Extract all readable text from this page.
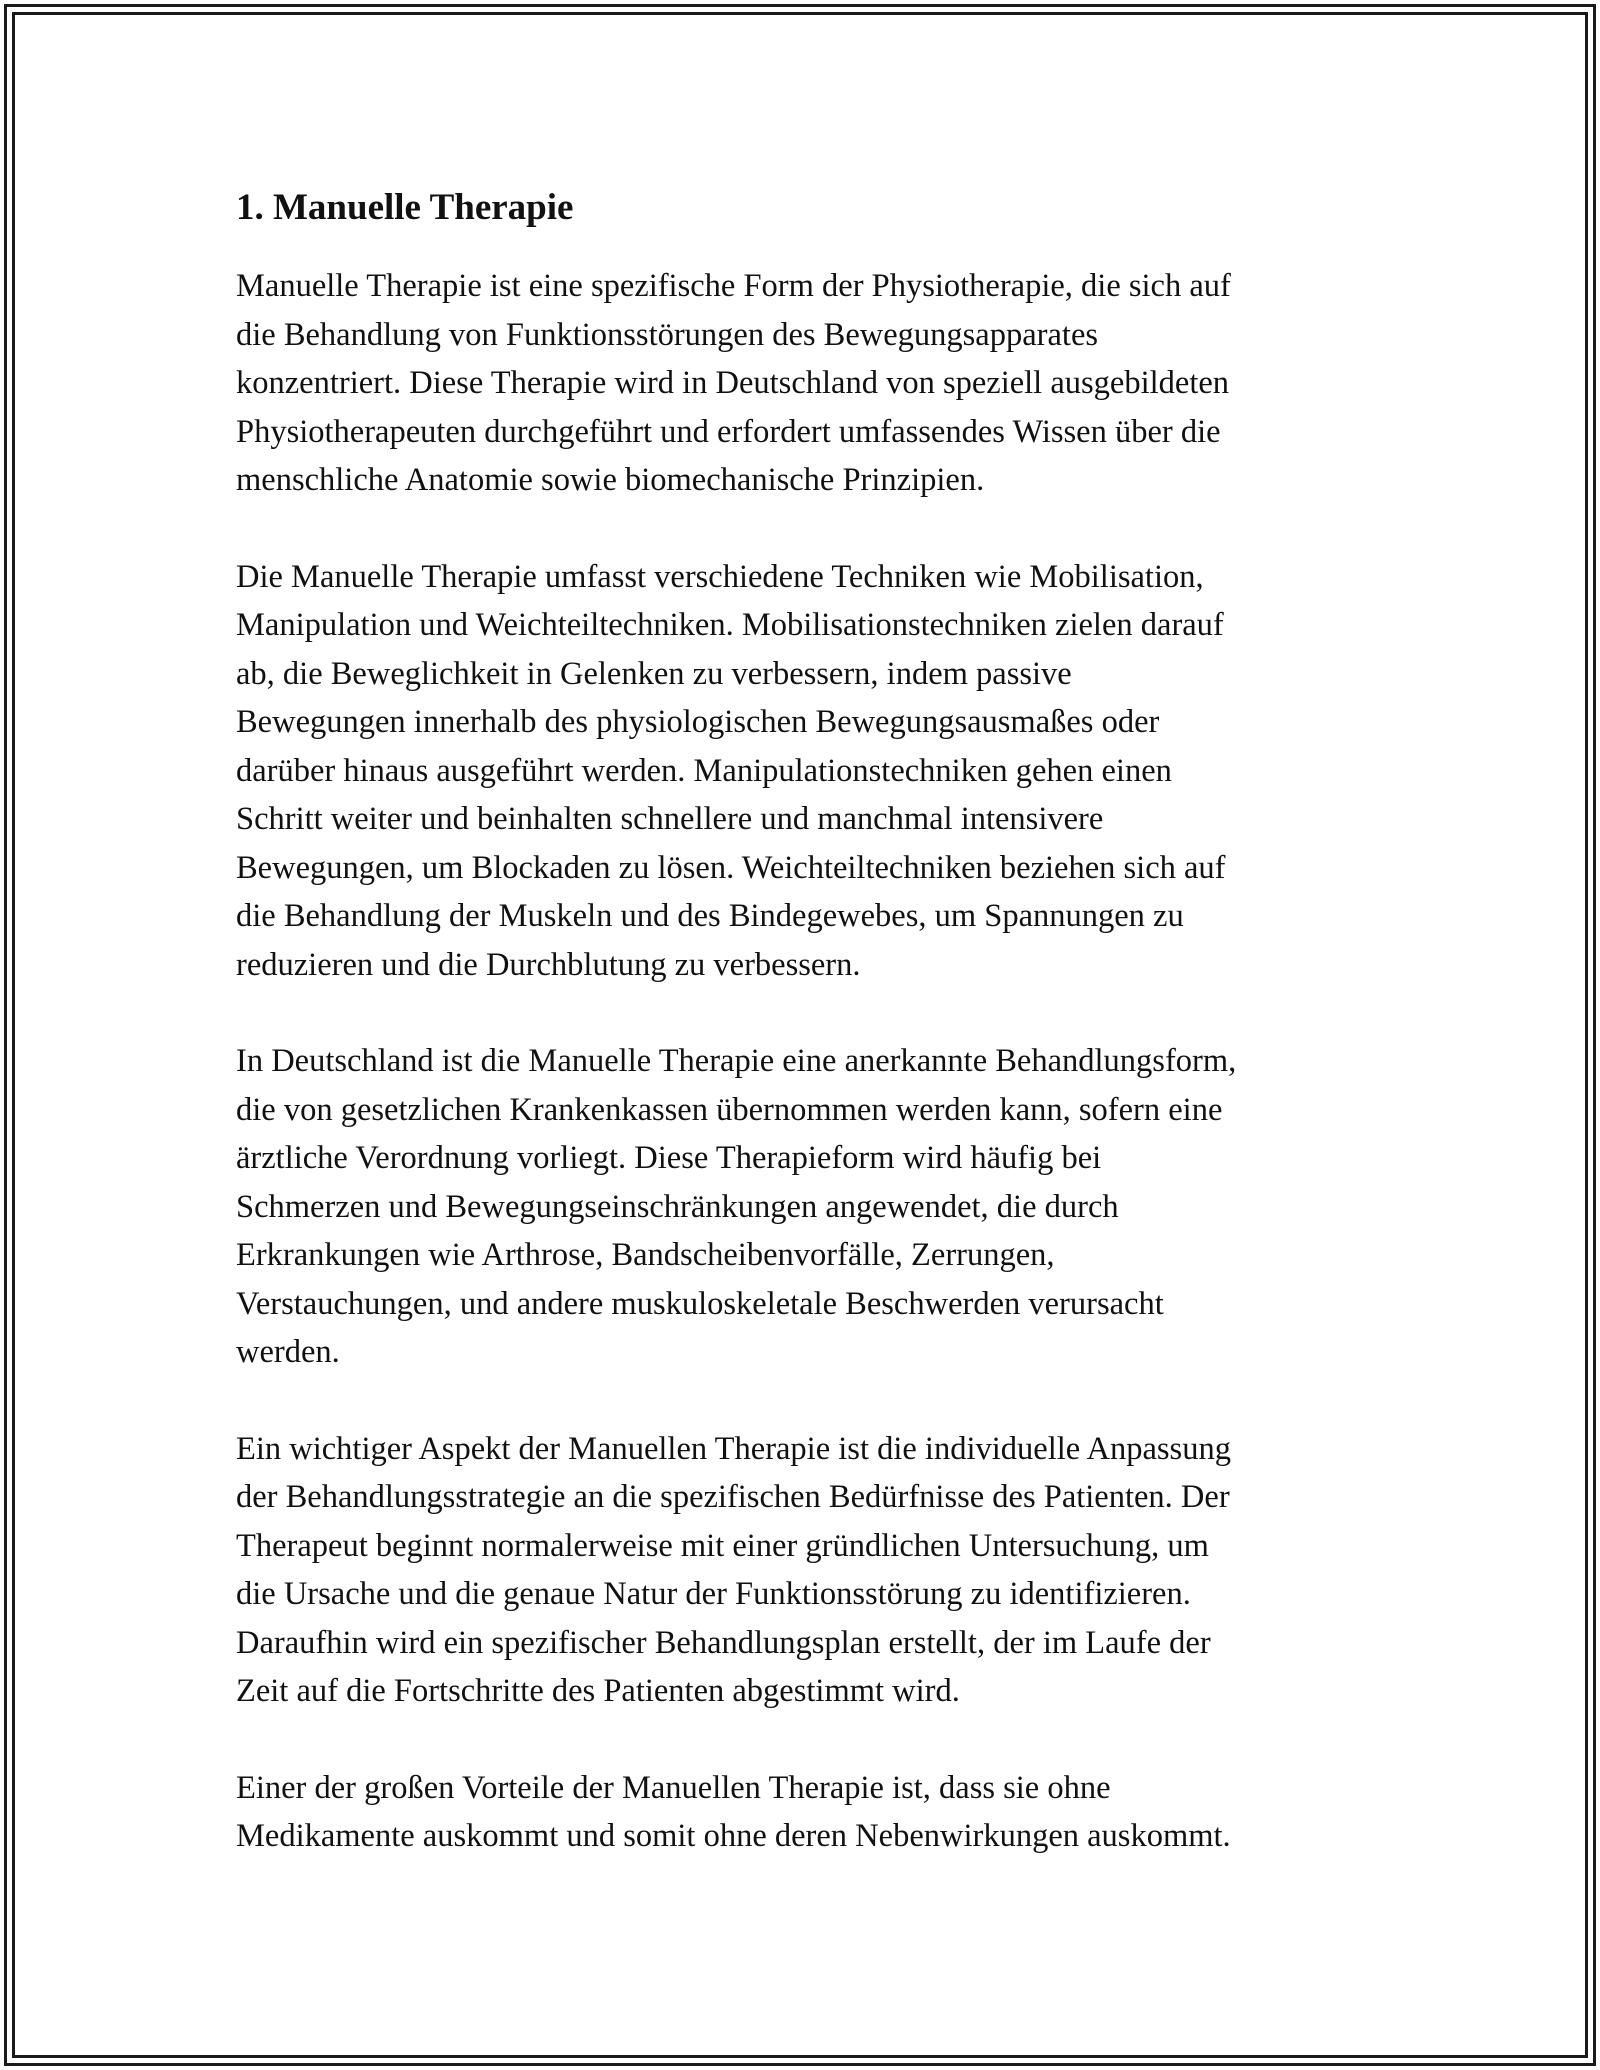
1. Manuelle Therapie

Manuelle Therapie ist eine spezifische Form der Physiotherapie, die sich auf
die Behandlung von Funktionsstörungen des Bewegungsapparates
konzentriert. Diese Therapie wird in Deutschland von speziell ausgebildeten
Physiotherapeuten durchgeführt und erfordert umfassendes Wissen über die
menschliche Anatomie sowie biomechanische Prinzipien.

Die Manuelle Therapie umfasst verschiedene Techniken wie Mobilisation,
Manipulation und Weichteiltechniken. Mobilisationstechniken zielen darauf
ab, die Beweglichkeit in Gelenken zu verbessern, indem passive
Bewegungen innerhalb des physiologischen Bewegungsausmaßes oder
darüber hinaus ausgeführt werden. Manipulationstechniken gehen einen
Schritt weiter und beinhalten schnellere und manchmal intensivere
Bewegungen, um Blockaden zu lösen. Weichteiltechniken beziehen sich auf
die Behandlung der Muskeln und des Bindegewebes, um Spannungen zu
reduzieren und die Durchblutung zu verbessern.

In Deutschland ist die Manuelle Therapie eine anerkannte Behandlungsform,
die von gesetzlichen Krankenkassen übernommen werden kann, sofern eine
ärztliche Verordnung vorliegt. Diese Therapieform wird häufig bei
Schmerzen und Bewegungseinschränkungen angewendet, die durch
Erkrankungen wie Arthrose, Bandscheibenvorfälle, Zerrungen,
Verstauchungen, und andere muskuloskeletale Beschwerden verursacht
werden.

Ein wichtiger Aspekt der Manuellen Therapie ist die individuelle Anpassung
der Behandlungsstrategie an die spezifischen Bedürfnisse des Patienten. Der
Therapeut beginnt normalerweise mit einer gründlichen Untersuchung, um
die Ursache und die genaue Natur der Funktionsstörung zu identifizieren.
Daraufhin wird ein spezifischer Behandlungsplan erstellt, der im Laufe der
Zeit auf die Fortschritte des Patienten abgestimmt wird.

Einer der großen Vorteile der Manuellen Therapie ist, dass sie ohne
Medikamente auskommt und somit ohne deren Nebenwirkungen auskommt.
